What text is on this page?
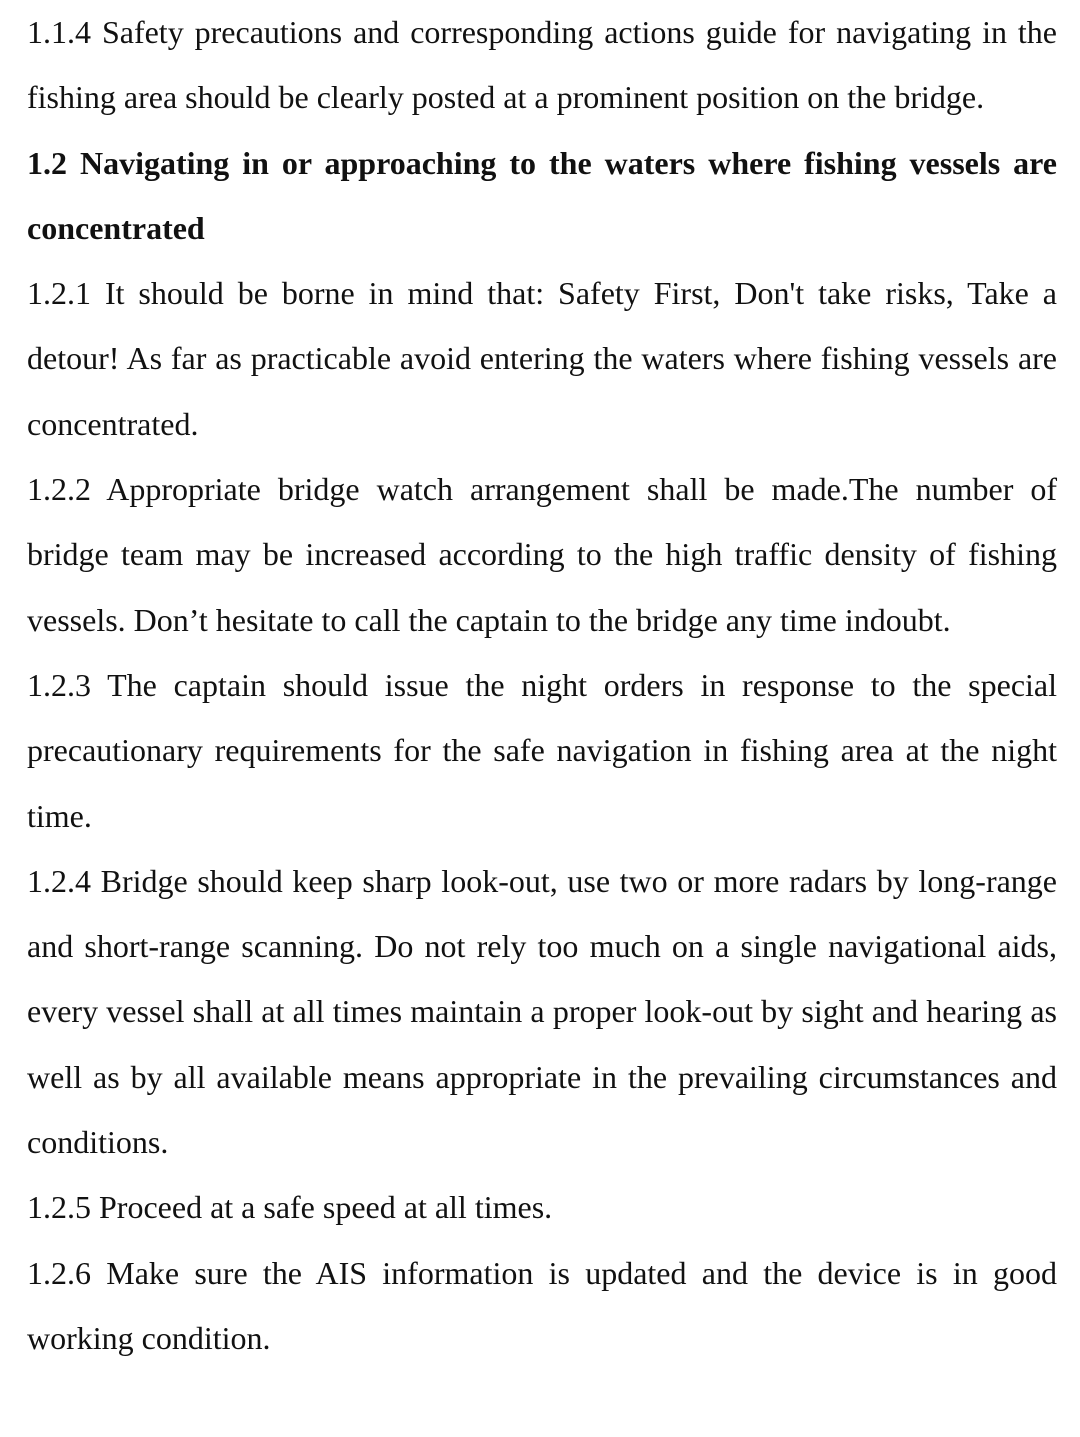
1.1.4 Safety precautions and corresponding actions guide for navigating in the fishing area should be clearly posted at a prominent position on the bridge.

1.2 Navigating in or approaching to the waters where fishing vessels are concentrated

1.2.1 It should be borne in mind that: Safety First, Don't take risks, Take a detour! As far as practicable avoid entering the waters where fishing vessels are concentrated.

1.2.2 Appropriate bridge watch arrangement shall be made.The number of bridge team may be increased according to the high traffic density of fishing vessels. Don’t hesitate to call the captain to the bridge any time indoubt.

1.2.3 The captain should issue the night orders in response to the special precautionary requirements for the safe navigation in fishing area at the night time.

1.2.4 Bridge should keep sharp look-out, use two or more radars by long-range and short-range scanning. Do not rely too much on a single navigational aids, every vessel shall at all times maintain a proper look-out by sight and hearing as well as by all available means appropriate in the prevailing circumstances and conditions.

1.2.5 Proceed at a safe speed at all times.

1.2.6 Make sure the AIS information is updated and the device is in good working condition.
